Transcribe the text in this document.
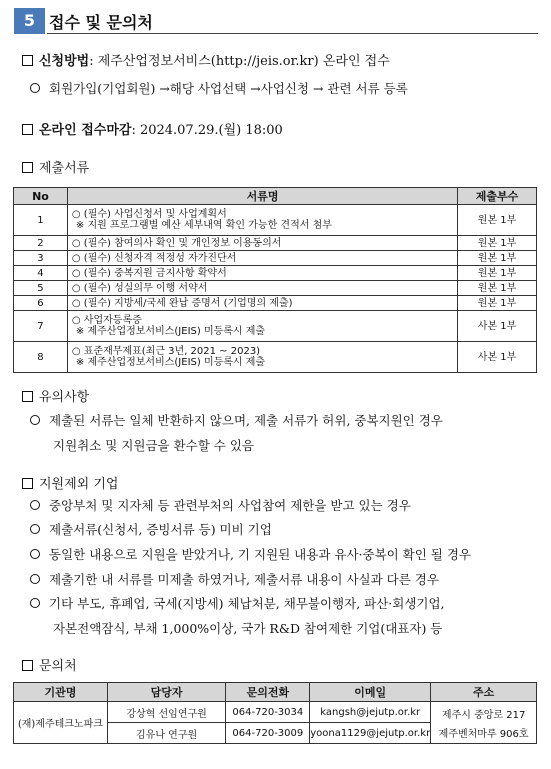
5 접수 및 문의처
신청방법: 제주산업정보서비스(http://jeis.or.kr) 온라인 접수
회원가입(기업회원) →해당 사업선택 →사업신청 → 관련 서류 등록
온라인 접수마감: 2024.07.29.(월) 18:00
제출서류
No	서류명	제출부수
1	○ (필수) 사업신청서 및 사업계획서
※ 지원 프로그램별 예산 세부내역 확인 가능한 견적서 첨부	원본 1부
2	○ (필수) 참여의사 확인 및 개인정보 이용동의서	원본 1부
3	○ (필수) 신청자격 적정성 자가진단서	원본 1부
4	○ (필수) 중복지원 금지사항 확약서	원본 1부
5	○ (필수) 성실의무 이행 서약서	원본 1부
6	○ (필수) 지방세/국세 완납 증명서 (기업명의 제출)	원본 1부
7	○ 사업자등록증
※ 제주산업정보서비스(JEIS) 미등록시 제출	사본 1부
8	○ 표준재무제표(최근 3년, 2021 ~ 2023)
※ 제주산업정보서비스(JEIS) 미등록시 제출	사본 1부
유의사항
제출된 서류는 일체 반환하지 않으며, 제출 서류가 허위, 중복지원인 경우
지원취소 및 지원금을 환수할 수 있음
지원제외 기업
중앙부처 및 지자체 등 관련부처의 사업참여 제한을 받고 있는 경우
제출서류(신청서, 증빙서류 등) 미비 기업
동일한 내용으로 지원을 받았거나, 기 지원된 내용과 유사·중복이 확인 될 경우
제출기한 내 서류를 미제출 하였거나, 제출서류 내용이 사실과 다른 경우
기타 부도, 휴폐업, 국세(지방세) 체납처분, 채무불이행자, 파산·회생기업,
자본전액잠식, 부채 1,000%이상, 국가 R&D 참여제한 기업(대표자) 등
문의처
기관명	담당자	문의전화	이메일	주소
(재)제주테크노파크	강상혁 선임연구원	064-720-3034	kangsh@jejutp.or.kr	제주시 중앙로 217
제주벤처마루 906호

	김유나 연구원	064-720-3009	yoona1129@jejutp.or.kr	
